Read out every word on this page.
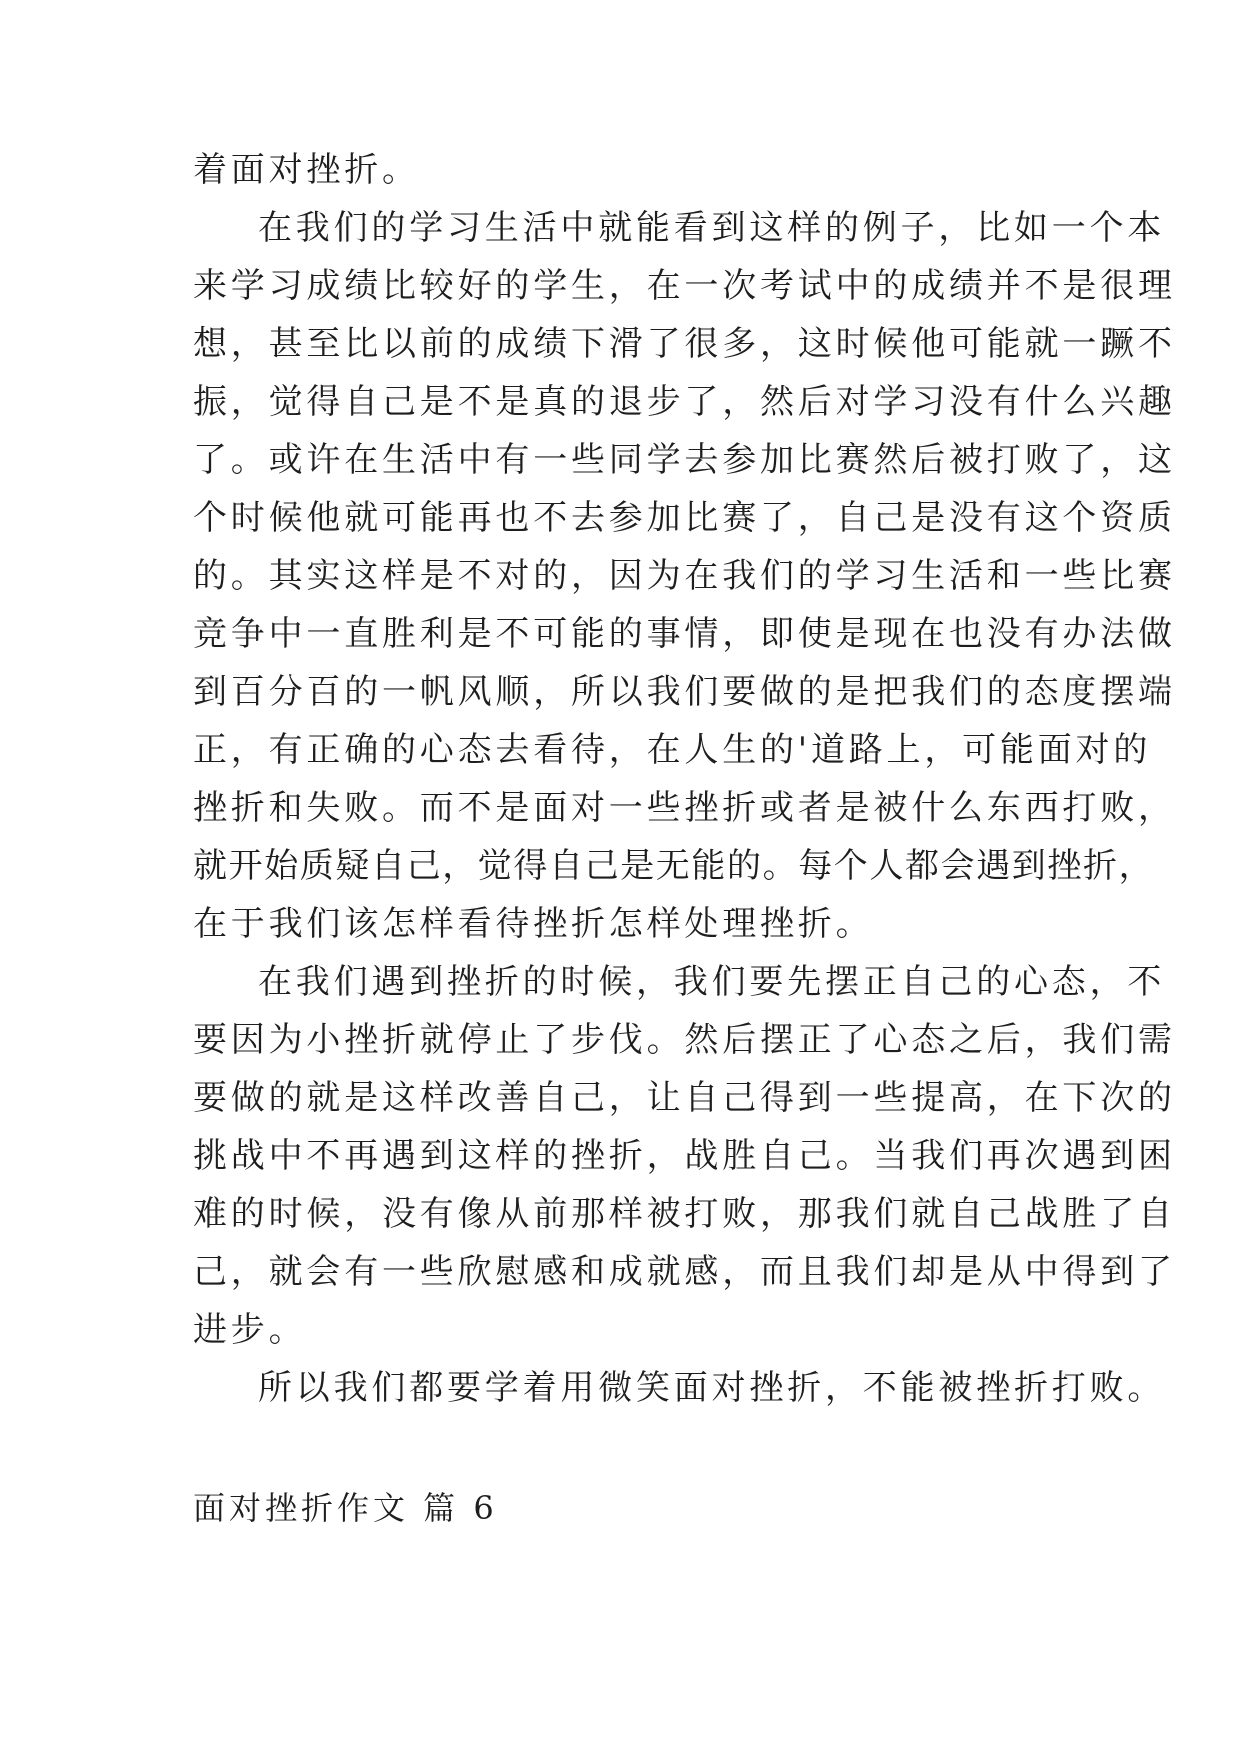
着面对挫折。
在我们的学习生活中就能看到这样的例子，比如一个本
来学习成绩比较好的学生，在一次考试中的成绩并不是很理
想，甚至比以前的成绩下滑了很多，这时候他可能就一蹶不
振，觉得自己是不是真的退步了，然后对学习没有什么兴趣
了。或许在生活中有一些同学去参加比赛然后被打败了，这
个时候他就可能再也不去参加比赛了，自己是没有这个资质
的。其实这样是不对的，因为在我们的学习生活和一些比赛
竞争中一直胜利是不可能的事情，即使是现在也没有办法做
到百分百的一帆风顺，所以我们要做的是把我们的态度摆端
正，有正确的心态去看待，在人生的'道路上，可能面对的
挫折和失败。而不是面对一些挫折或者是被什么东西打败，
就开始质疑自己，觉得自己是无能的。每个人都会遇到挫折，
在于我们该怎样看待挫折怎样处理挫折。
在我们遇到挫折的时候，我们要先摆正自己的心态，不
要因为小挫折就停止了步伐。然后摆正了心态之后，我们需
要做的就是这样改善自己，让自己得到一些提高，在下次的
挑战中不再遇到这样的挫折，战胜自己。当我们再次遇到困
难的时候，没有像从前那样被打败，那我们就自己战胜了自
己，就会有一些欣慰感和成就感，而且我们却是从中得到了
进步。
所以我们都要学着用微笑面对挫折，不能被挫折打败。
面对挫折作文 篇 6
